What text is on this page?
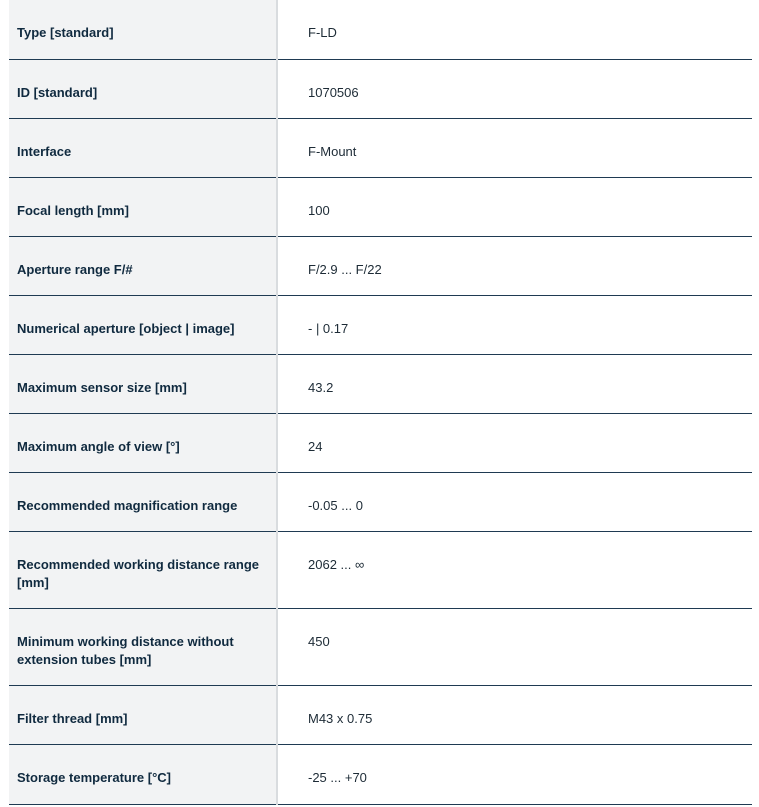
Type [standard]	F-LD
ID [standard]	1070506
Interface	F-Mount
Focal length [mm]	100
Aperture range F/#	F/2.9 ... F/22
Numerical aperture [object | image]	- | 0.17
Maximum sensor size [mm]	43.2
Maximum angle of view [°]	24
Recommended magnification range	-0.05 ... 0
Recommended working distance range [mm]	2062 ... ∞
Minimum working distance without extension tubes [mm]	450
Filter thread [mm]	M43 x 0.75
Storage temperature [°C]	-25 ... +70
